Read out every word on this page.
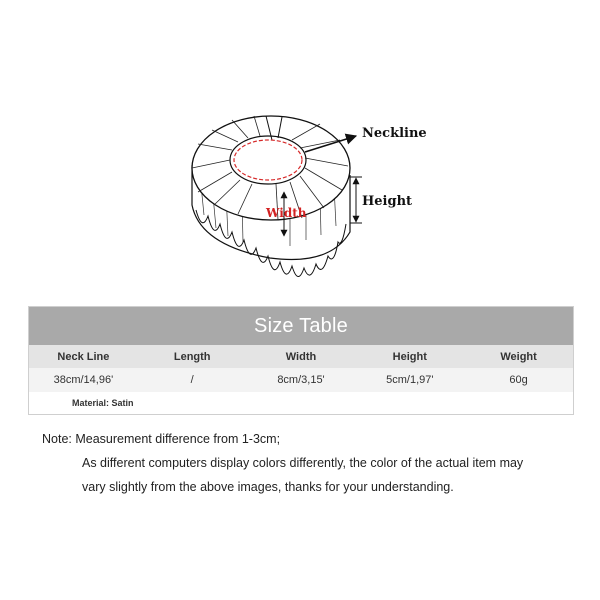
Neckline
Height
Width
Size Table
Neck Line	Length	Width	Height	Weight
38cm/14,96'	/	8cm/3,15'	5cm/1,97'	60g
Material: Satin
Note: Measurement difference from 1-3cm;
As different computers display colors differently, the color of the actual item may
vary slightly from the above images, thanks for your understanding.
